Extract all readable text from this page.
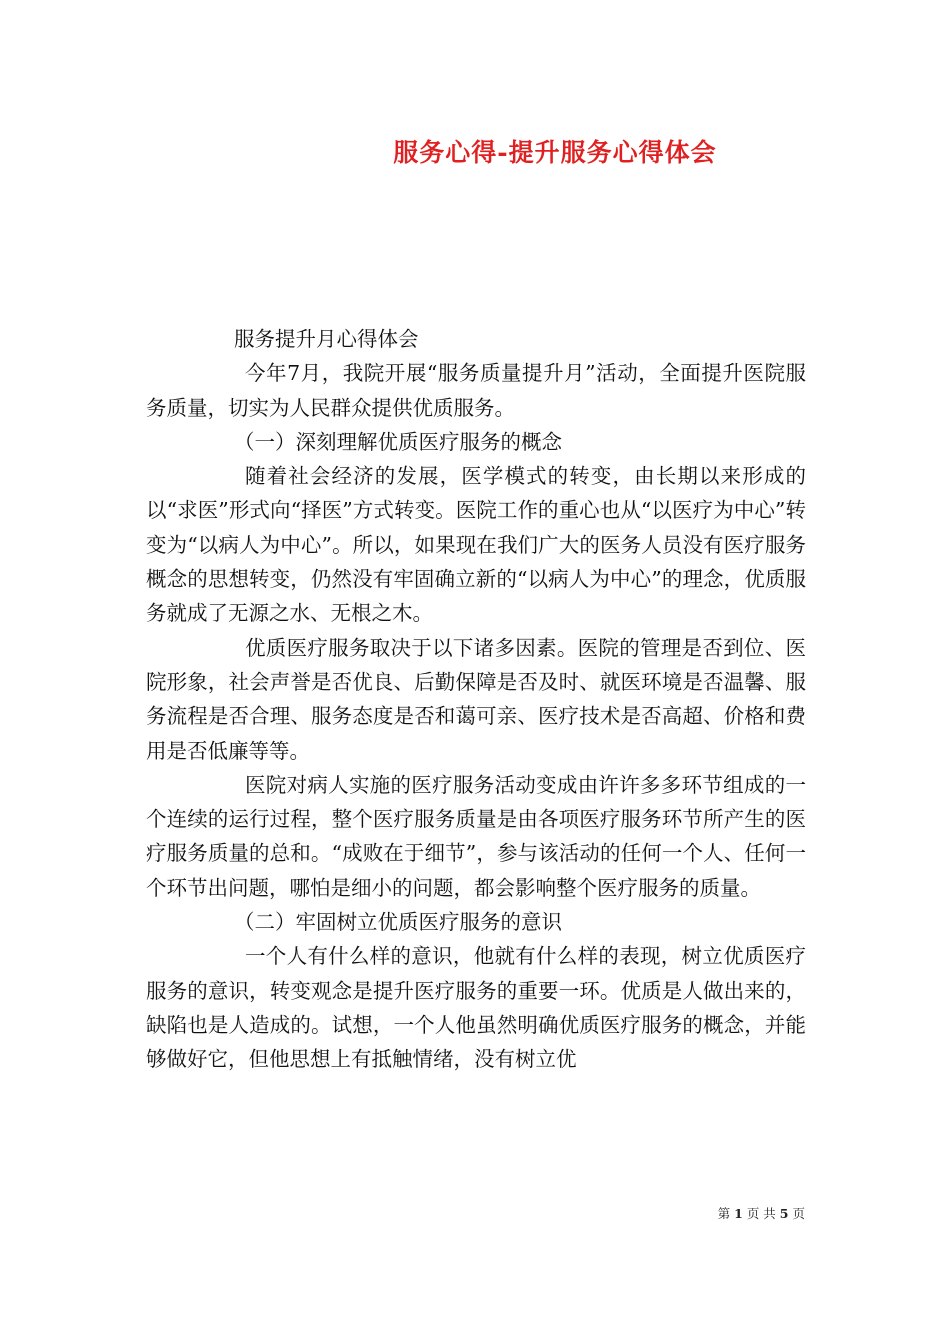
服务心得-提升服务心得体会

服务提升月心得体会

今年7月，我院开展“服务质量提升月”活动，全面提升医院服务质量，切实为人民群众提供优质服务。

（一）深刻理解优质医疗服务的概念

随着社会经济的发展，医学模式的转变，由长期以来形成的以“求医”形式向“择医”方式转变。医院工作的重心也从“以医疗为中心”转变为“以病人为中心”。所以，如果现在我们广大的医务人员没有医疗服务概念的思想转变，仍然没有牢固确立新的“以病人为中心”的理念，优质服务就成了无源之水、无根之木。

优质医疗服务取决于以下诸多因素。医院的管理是否到位、医院形象，社会声誉是否优良、后勤保障是否及时、就医环境是否温馨、服务流程是否合理、服务态度是否和蔼可亲、医疗技术是否高超、价格和费用是否低廉等等。

医院对病人实施的医疗服务活动变成由许许多多环节组成的一个连续的运行过程，整个医疗服务质量是由各项医疗服务环节所产生的医疗服务质量的总和。“成败在于细节”，参与该活动的任何一个人、任何一个环节出问题，哪怕是细小的问题，都会影响整个医疗服务的质量。

（二）牢固树立优质医疗服务的意识

一个人有什么样的意识，他就有什么样的表现，树立优质医疗服务的意识，转变观念是提升医疗服务的重要一环。优质是人做出来的，缺陷也是人造成的。试想，一个人他虽然明确优质医疗服务的概念，并能够做好它，但他思想上有抵触情绪，没有树立优

第 1 页 共 5 页
